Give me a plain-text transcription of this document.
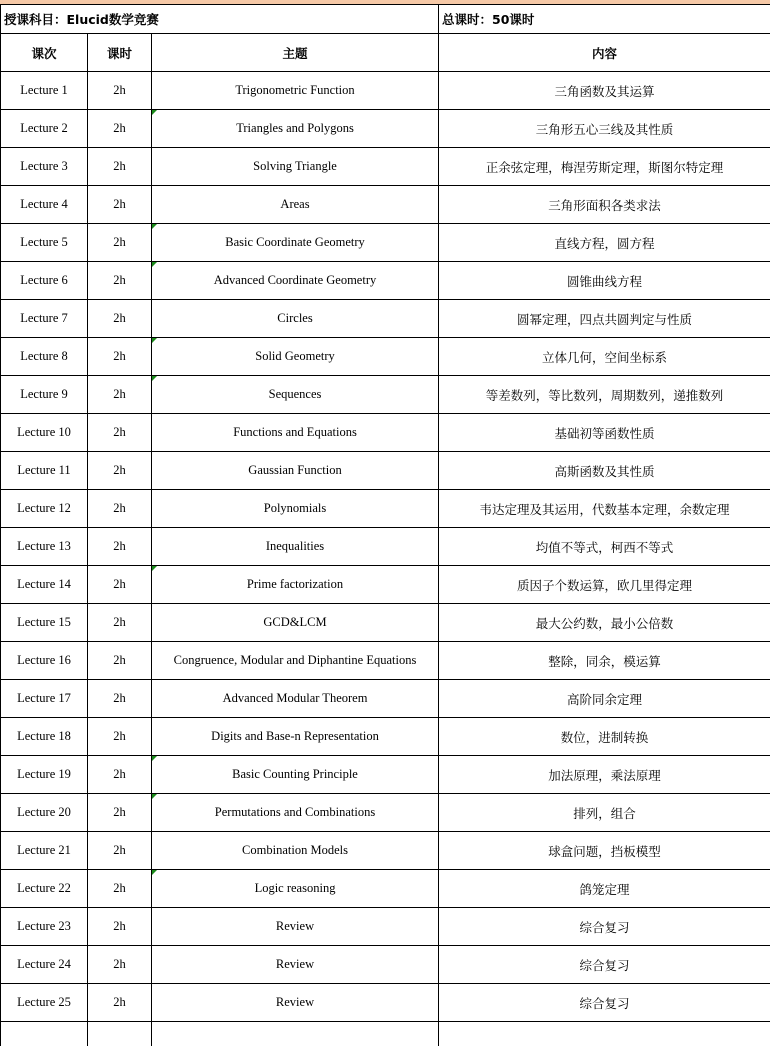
授课科目：Elucid数学竞赛			总课时：50课时
课次	课时	主题	内容
Lecture 1	2h	Trigonometric Function	三角函数及其运算
Lecture 2	2h	Triangles and Polygons	三角形五心三线及其性质
Lecture 3	2h	Solving Triangle	正余弦定理，梅涅劳斯定理，斯图尔特定理
Lecture 4	2h	Areas	三角形面积各类求法
Lecture 5	2h	Basic Coordinate Geometry	直线方程，圆方程
Lecture 6	2h	Advanced Coordinate Geometry	圆锥曲线方程
Lecture 7	2h	Circles	圆幂定理，四点共圆判定与性质
Lecture 8	2h	Solid Geometry	立体几何，空间坐标系
Lecture 9	2h	Sequences	等差数列，等比数列，周期数列，递推数列
Lecture 10	2h	Functions and Equations	基础初等函数性质
Lecture 11	2h	Gaussian Function	高斯函数及其性质
Lecture 12	2h	Polynomials	韦达定理及其运用，代数基本定理，余数定理
Lecture 13	2h	Inequalities	均值不等式，柯西不等式
Lecture 14	2h	Prime factorization	质因子个数运算，欧几里得定理
Lecture 15	2h	GCD&LCM	最大公约数，最小公倍数
Lecture 16	2h	Congruence, Modular and Diphantine Equations	整除，同余，模运算
Lecture 17	2h	Advanced Modular Theorem	高阶同余定理
Lecture 18	2h	Digits and Base-n Representation	数位，进制转换
Lecture 19	2h	Basic Counting Principle	加法原理，乘法原理
Lecture 20	2h	Permutations and Combinations	排列，组合
Lecture 21	2h	Combination Models	球盒问题，挡板模型
Lecture 22	2h	Logic reasoning	鸽笼定理
Lecture 23	2h	Review	综合复习
Lecture 24	2h	Review	综合复习
Lecture 25	2h	Review	综合复习
